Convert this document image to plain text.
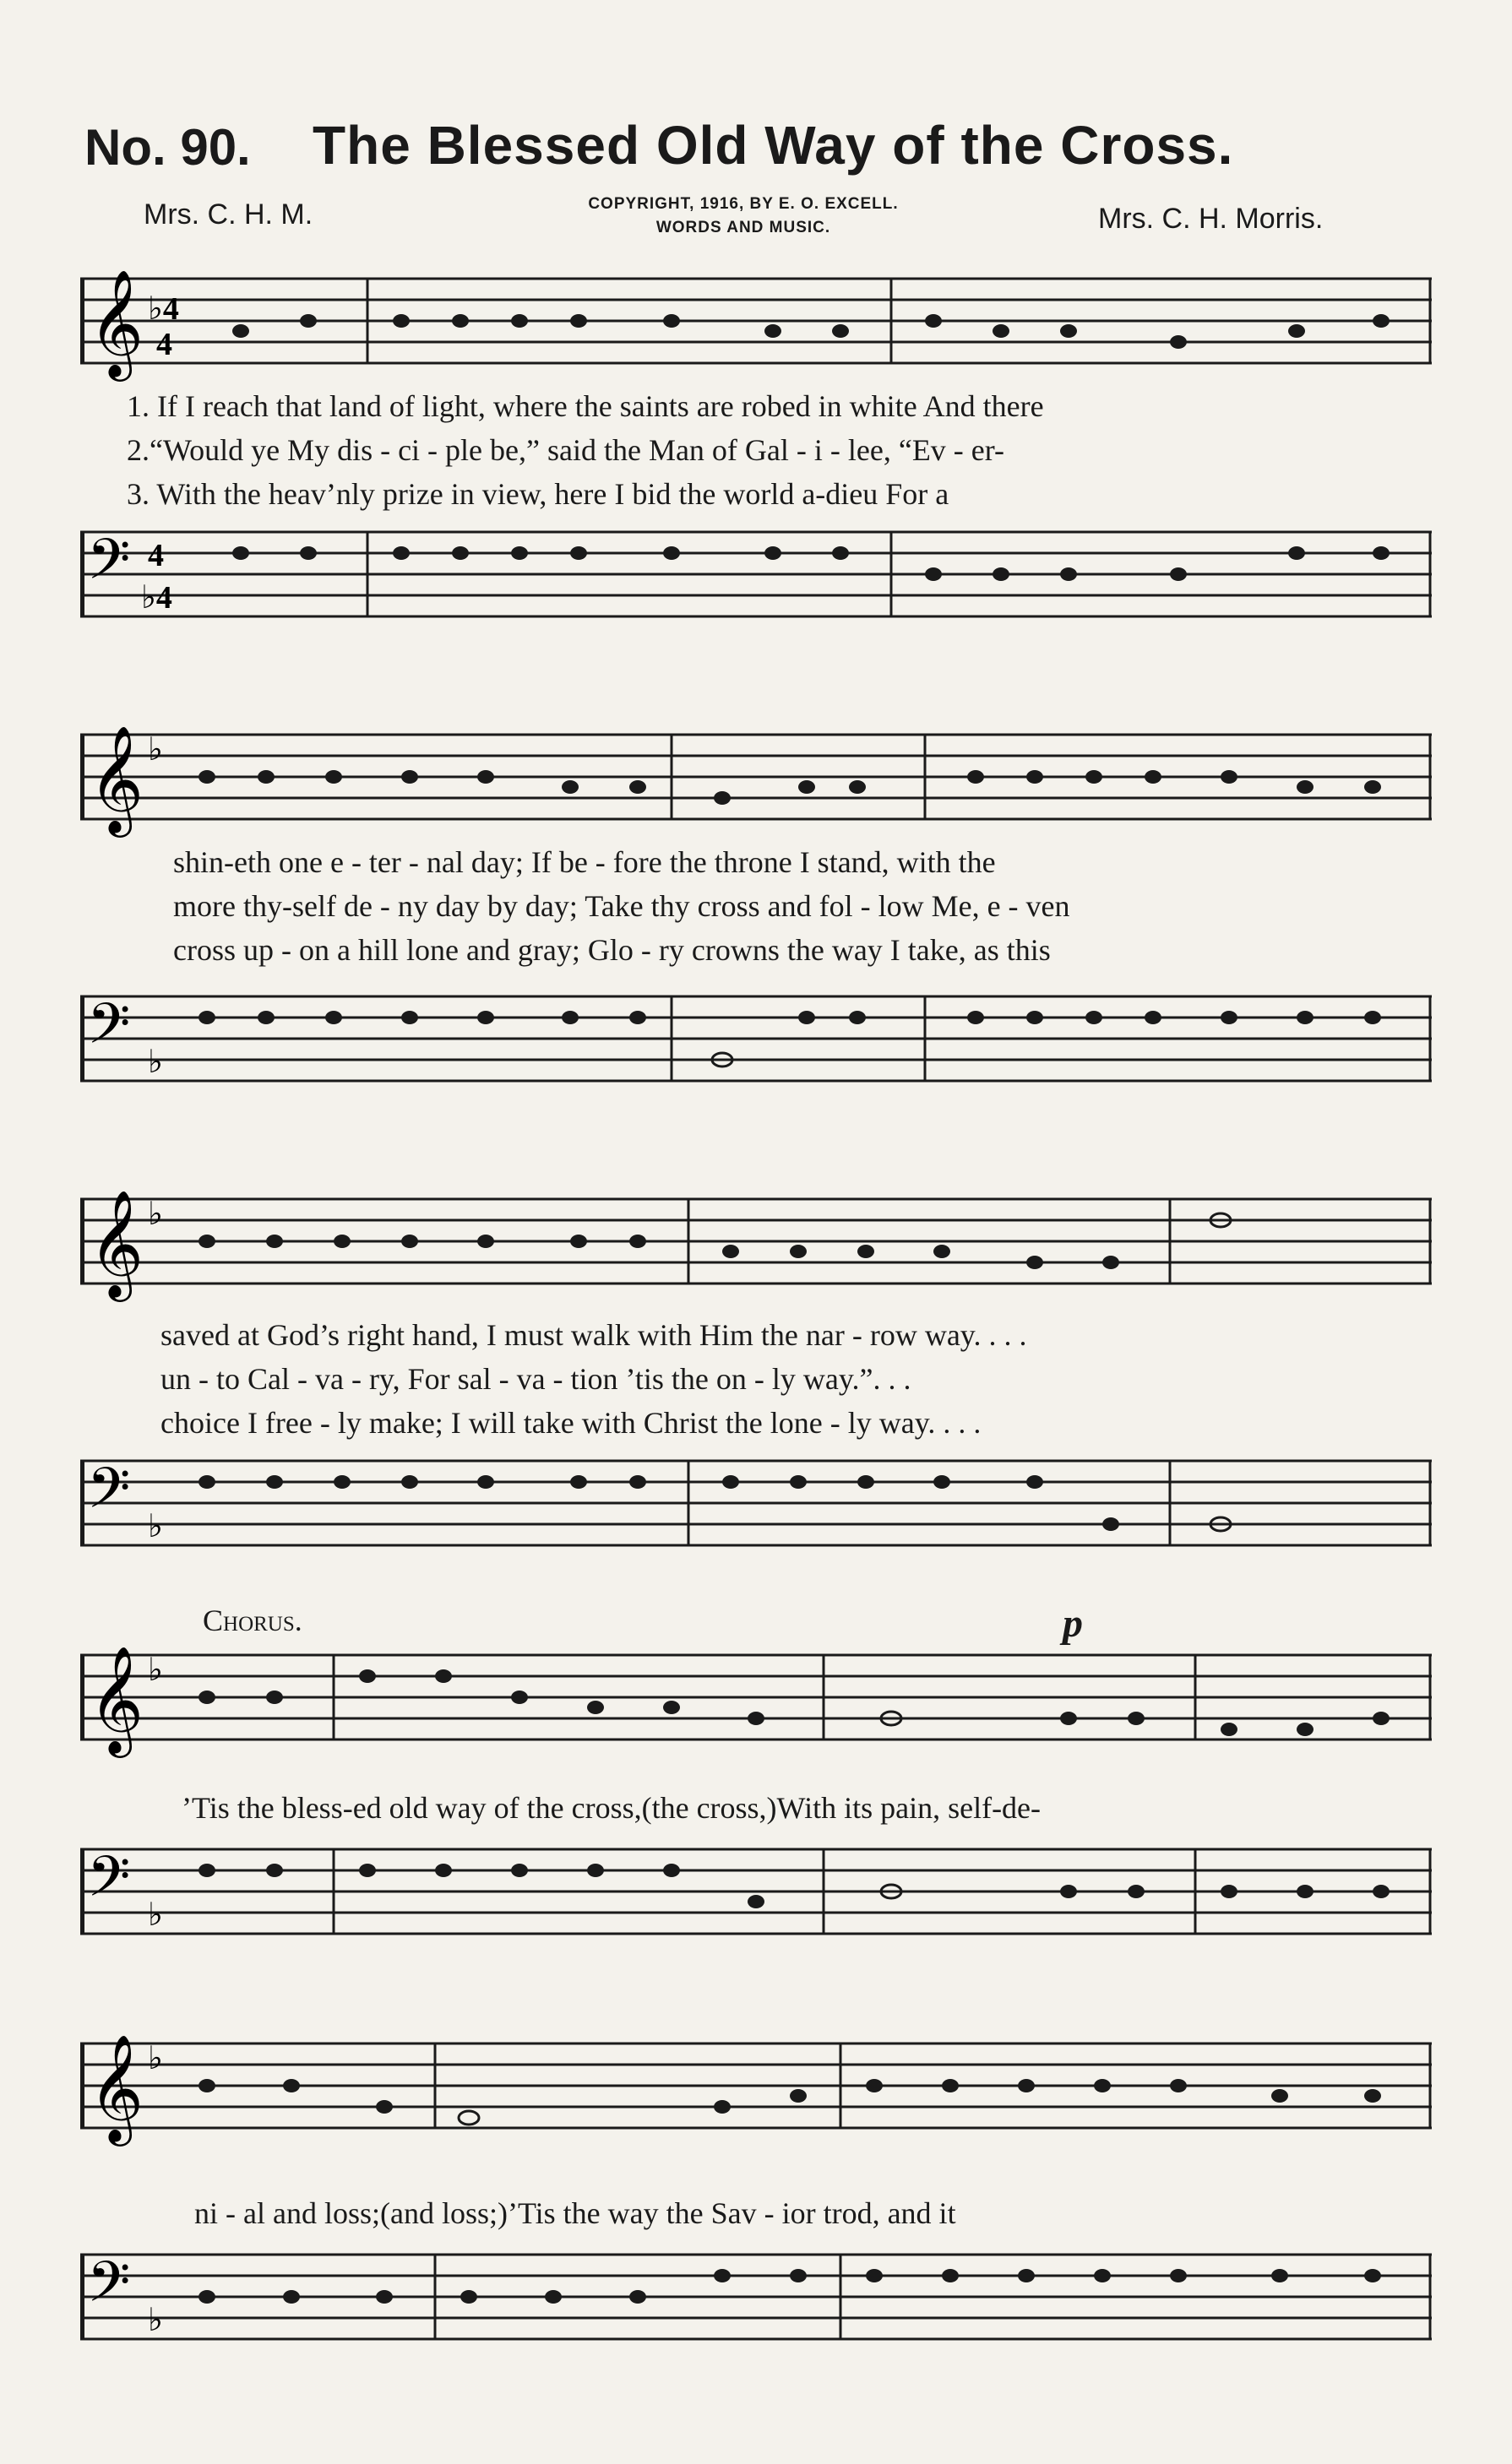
No. 90. The Blessed Old Way of the Cross.
Mrs. C. H. M.	COPYRIGHT, 1916, BY E. O. EXCELL.
WORDS AND MUSIC.	Mrs. C. H. Morris.
𝄞 ♭4
4
1. If I reach that land of light, where the saints are robed in white And there
2.“Would ye My dis - ci - ple be,” said the Man of Gal - i - lee, “Ev - er-
3. With the heav’nly prize in view, here I bid the world a-dieu For a
𝄢 4
♭4
𝄞 ♭
shin-eth one e - ter - nal day; If be - fore the throne I stand, with the
more thy-self de - ny day by day; Take thy cross and fol - low Me, e - ven
cross up - on a hill lone and gray; Glo - ry crowns the way I take, as this
𝄢 ♭
𝄞 ♭
saved at God’s right hand, I must walk with Him the nar - row way. . . .
un - to Cal - va - ry, For sal - va - tion ’tis the on - ly way.”. . .
choice I free - ly make; I will take with Christ the lone - ly way. . . .
𝄢 ♭
Chorus.	p
𝄞 ♭
’Tis the bless-ed old way of the cross,(the cross,)With its pain, self-de-
𝄢 ♭
𝄞 ♭
ni - al and loss;(and loss;)’Tis the way the Sav - ior trod, and it
𝄢 ♭
